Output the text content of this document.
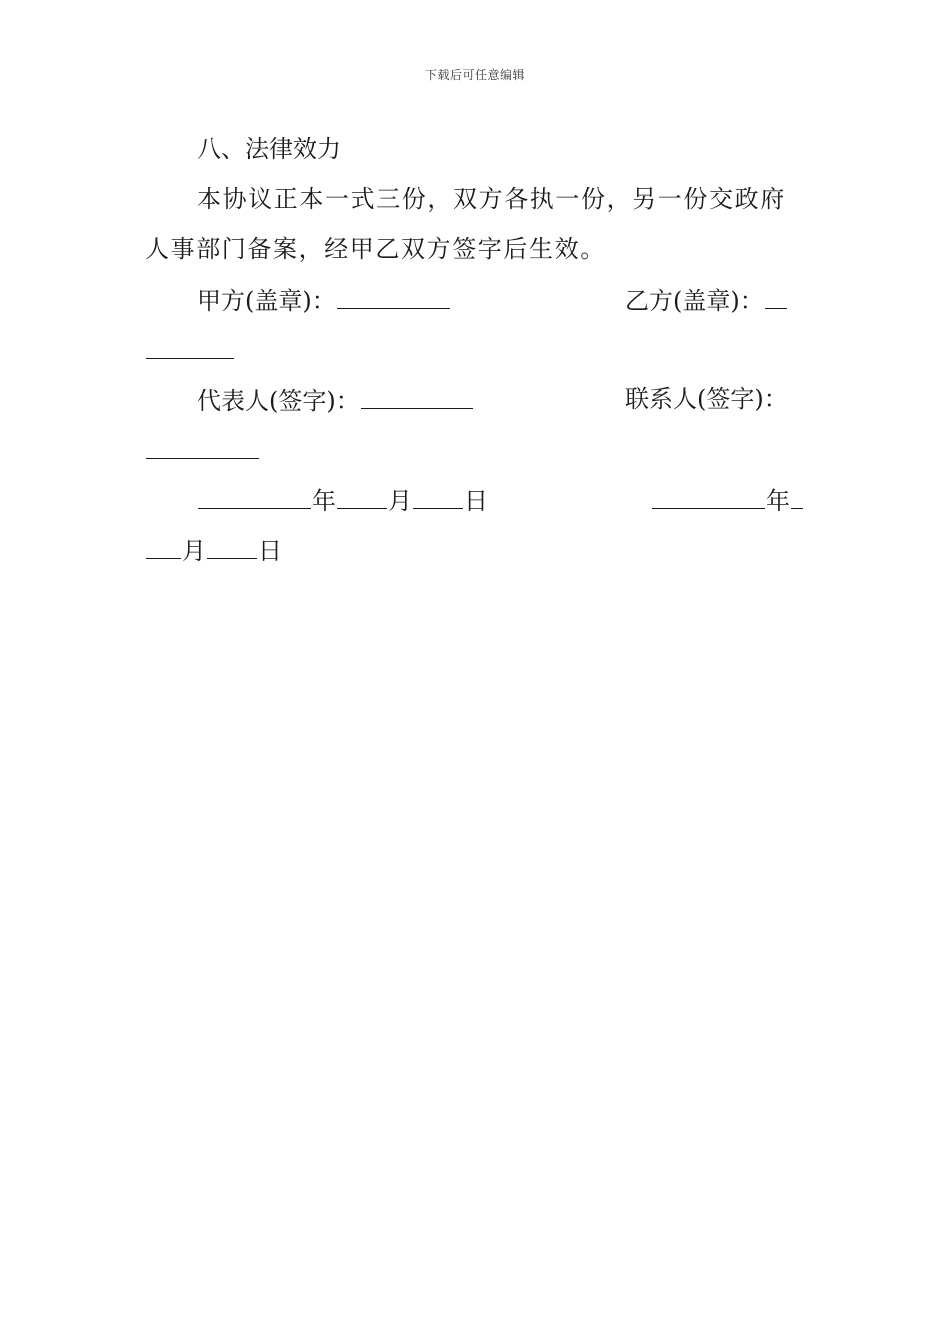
下载后可任意编辑
八、法律效力
本协议正本一式三份，双方各执一份，另一份交政府
人事部门备案，经甲乙双方签字后生效。
甲方(盖章)：	乙方(盖章)：
代表人(签字)：	联系人(签字)：
年 月 日	年
月 日
